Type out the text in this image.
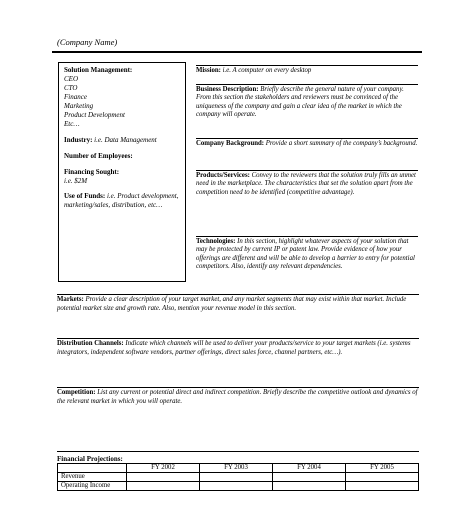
(Company Name)
Solution Management:
CEO
CTO
Finance
Marketing
Product Development
Etc…
Industry: i.e. Data Management
Number of Employees:
Financing Sought:
i.e. $2M
Use of Funds: i.e. Product development, marketing/sales, distribution, etc…
Mission: i.e. A computer on every desktop
Business Description: Briefly describe the general nature of your company. From this section the stakeholders and reviewers must be convinced of the uniqueness of the company and gain a clear idea of the market in which the company will operate.
Company Background: Provide a short summary of the company’s background.
Products/Services: Convey to the reviewers that the solution truly fills an unmet need in the marketplace. The characteristics that set the solution apart from the competition need to be identified (competitive advantage).
Technologies: In this section, highlight whatever aspects of your solution that may be protected by current IP or patent law. Provide evidence of how your offerings are different and will be able to develop a barrier to entry for potential competitors. Also, identify any relevant dependencies.
Markets: Provide a clear description of your target market, and any market segments that may exist within that market. Include potential market size and growth rate. Also, mention your revenue model in this section.
Distribution Channels: Indicate which channels will be used to deliver your products/service to your target markets (i.e. systems integrators, independent software vendors, partner offerings, direct sales force, channel partners, etc…).
Competition: List any current or potential direct and indirect competition. Briefly describe the competitive outlook and dynamics of the relevant market in which you will operate.
Financial Projections:
	FY 2002	FY 2003	FY 2004	FY 2005
Revenue				
Operating Income				
